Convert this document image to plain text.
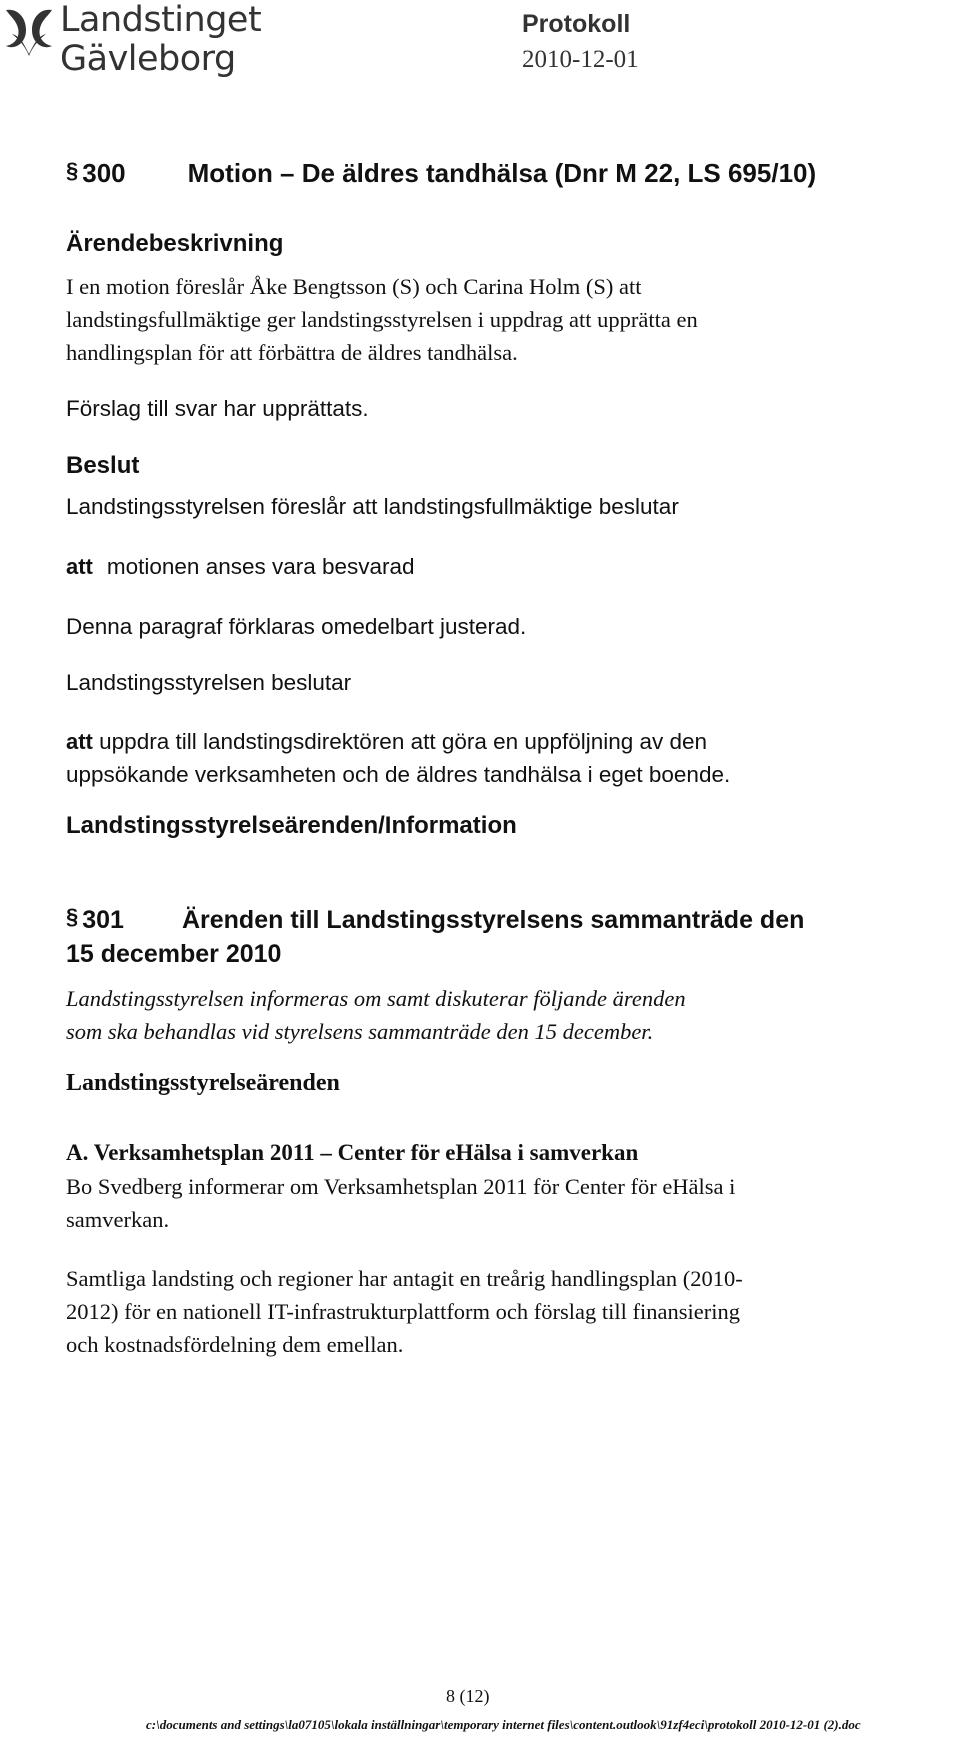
Landstinget
Gävleborg
Protokoll
2010-12-01
§ 300 Motion – De äldres tandhälsa (Dnr M 22, LS 695/10)
Ärendebeskrivning

I en motion föreslår Åke Bengtsson (S) och Carina Holm (S) att

landstingsfullmäktige ger landstingsstyrelsen i uppdrag att upprätta en

handlingsplan för att förbättra de äldres tandhälsa.

Förslag till svar har upprättats.
Beslut
Landstingsstyrelsen föreslår att landstingsfullmäktige beslutar
att motionen anses vara besvarad
Denna paragraf förklaras omedelbart justerad.
Landstingsstyrelsen beslutar

att uppdra till landstingsdirektören att göra en uppföljning av den

uppsökande verksamheten och de äldres tandhälsa i eget boende.

Landstingsstyrelseärenden/Information
§ 301 Ärenden till Landstingsstyrelsens sammanträde den
15 december 2010

Landstingsstyrelsen informeras om samt diskuterar följande ärenden

som ska behandlas vid styrelsens sammanträde den 15 december.

Landstingsstyrelseärenden
A. Verksamhetsplan 2011 – Center för eHälsa i samverkan

Bo Svedberg informerar om Verksamhetsplan 2011 för Center för eHälsa i

samverkan.

Samtliga landsting och regioner har antagit en treårig handlingsplan (2010-

2012) för en nationell IT-infrastrukturplattform och förslag till finansiering

och kostnadsfördelning dem emellan.

8 (12)
c:\documents and settings\la07105\lokala inställningar\temporary internet files\content.outlook\91zf4eci\protokoll 2010-12-01 (2).doc
